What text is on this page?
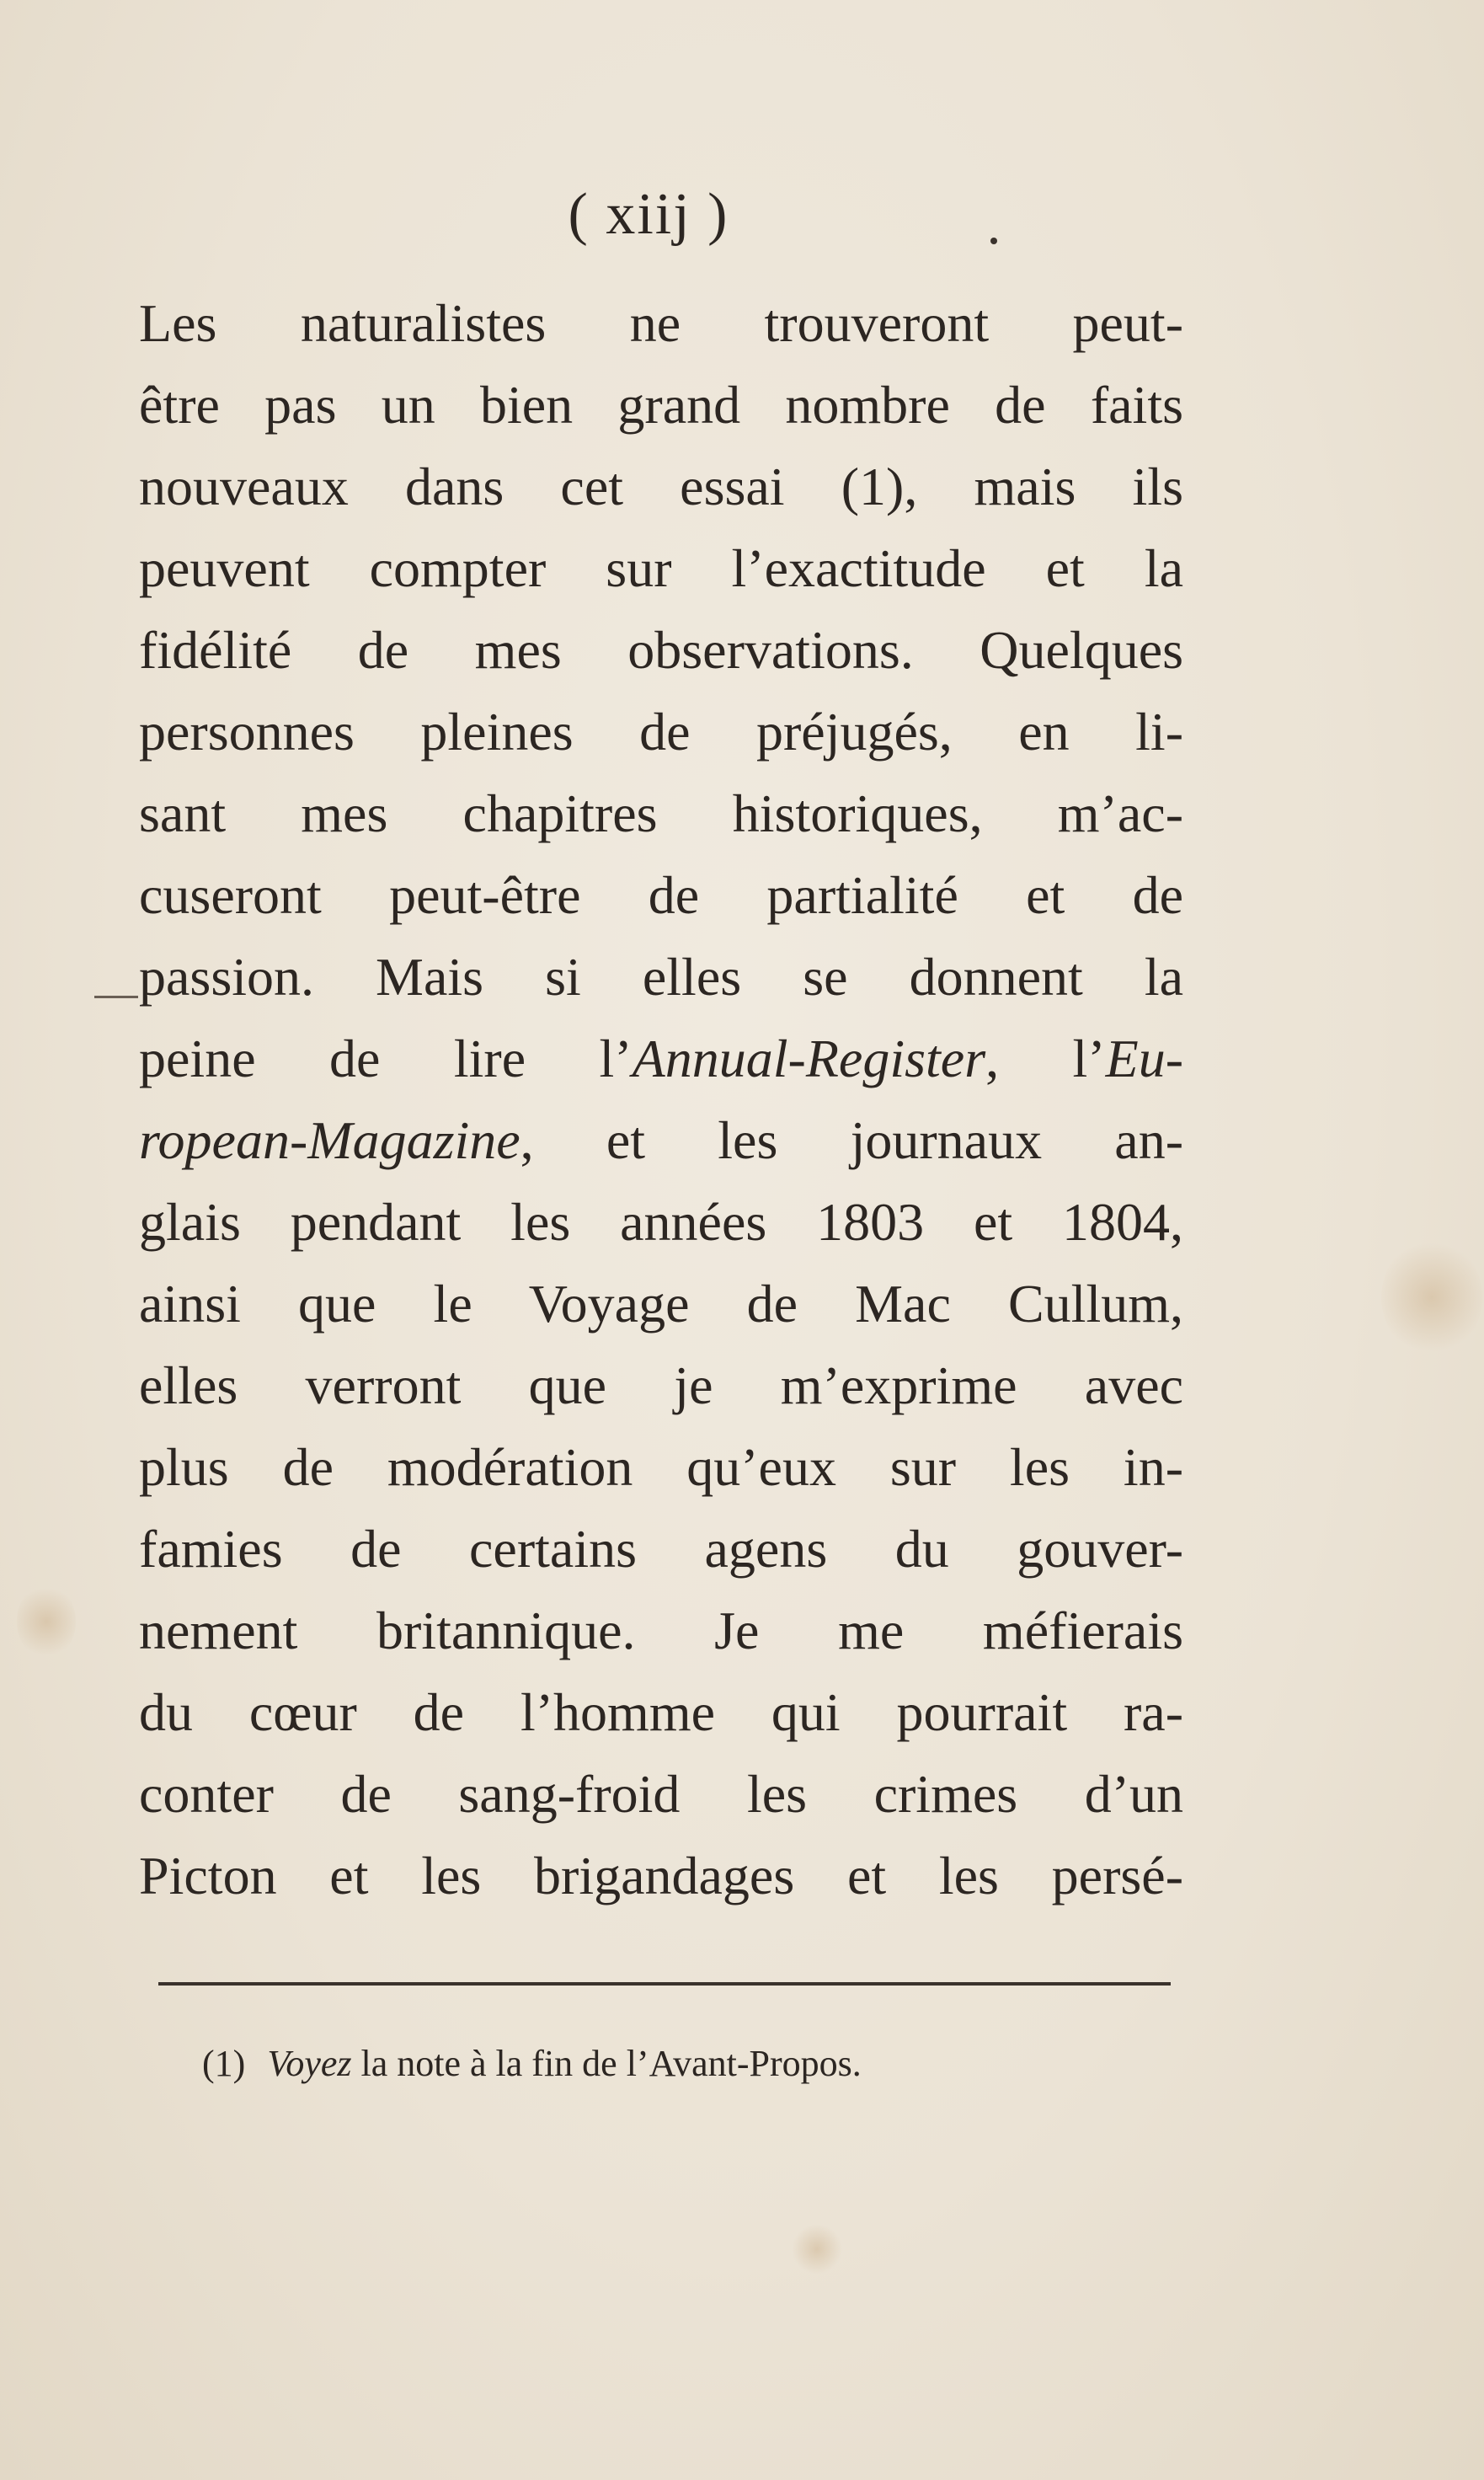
( xiij )
Les naturalistes ne trouveront peut-
être pas un bien grand nombre de faits
nouveaux dans cet essai (1), mais ils
peuvent compter sur l’exactitude et la
fidélité de mes observations. Quelques
personnes pleines de préjugés, en li-
sant mes chapitres historiques, m’ac-
cuseront peut-être de partialité et de
passion. Mais si elles se donnent la
peine de lire l’Annual-Register, l’Eu-
ropean-Magazine, et les journaux an-
glais pendant les années 1803 et 1804,
ainsi que le Voyage de Mac Cullum,
elles verront que je m’exprime avec
plus de modération qu’eux sur les in-
famies de certains agens du gouver-
nement britannique. Je me méfierais
du cœur de l’homme qui pourrait ra-
conter de sang-froid les crimes d’un
Picton et les brigandages et les persé-
(1) Voyez la note à la fin de l’Avant-Propos.
